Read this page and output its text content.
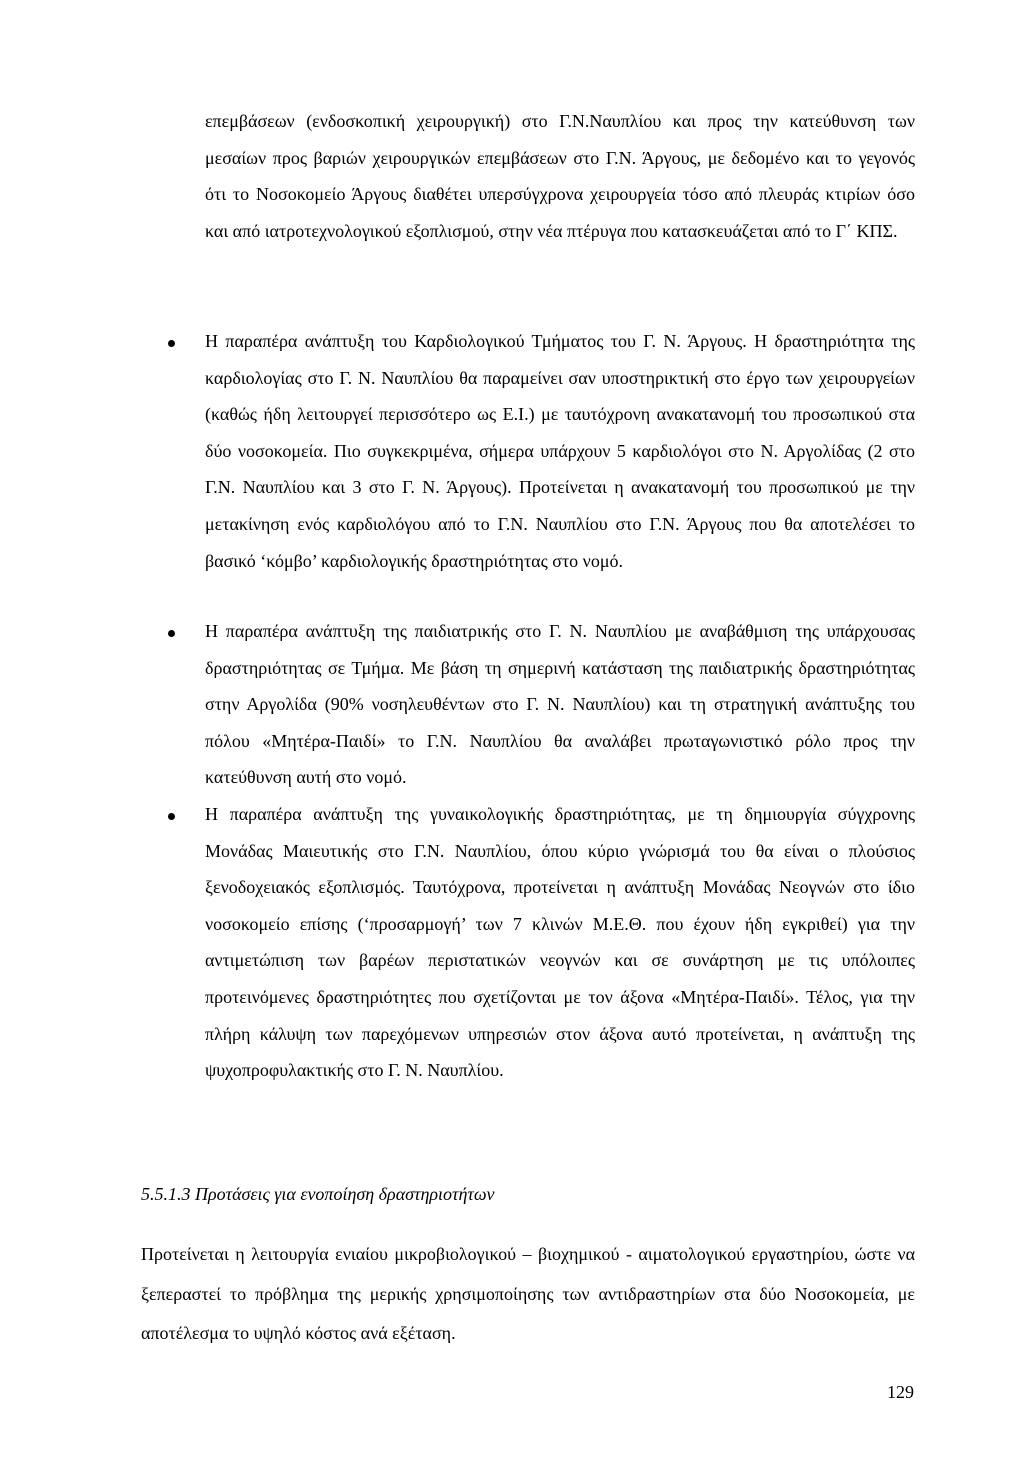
επεμβάσεων (ενδοσκοπική χειρουργική) στο Γ.Ν.Ναυπλίου και προς την κατεύθυνση των μεσαίων προς βαριών χειρουργικών επεμβάσεων στο Γ.Ν. Άργους, με δεδομένο και το γεγονός ότι το Νοσοκομείο Άργους διαθέτει υπερσύγχρονα χειρουργεία τόσο από πλευράς κτιρίων όσο και από ιατροτεχνολογικού εξοπλισμού, στην νέα πτέρυγα που κατασκευάζεται από το Γ΄ ΚΠΣ.

Η παραπέρα ανάπτυξη του Καρδιολογικού Τμήματος του Γ. Ν. Άργους. Η δραστηριότητα της καρδιολογίας στο Γ. Ν. Ναυπλίου θα παραμείνει σαν υποστηρικτική στο έργο των χειρουργείων (καθώς ήδη λειτουργεί περισσότερο ως Ε.Ι.) με ταυτόχρονη ανακατανομή του προσωπικού στα δύο νοσοκομεία. Πιο συγκεκριμένα, σήμερα υπάρχουν 5 καρδιολόγοι στο Ν. Αργολίδας (2 στο Γ.Ν. Ναυπλίου και 3 στο Γ. Ν. Άργους). Προτείνεται η ανακατανομή του προσωπικού με την μετακίνηση ενός καρδιολόγου από το Γ.Ν. Ναυπλίου στο Γ.Ν. Άργους που θα αποτελέσει το βασικό ‘κόμβο’ καρδιολογικής δραστηριότητας στο νομό.

Η παραπέρα ανάπτυξη της παιδιατρικής στο Γ. Ν. Ναυπλίου με αναβάθμιση της υπάρχουσας δραστηριότητας σε Τμήμα. Με βάση τη σημερινή κατάσταση της παιδιατρικής δραστηριότητας στην Αργολίδα (90% νοσηλευθέντων στο Γ. Ν. Ναυπλίου) και τη στρατηγική ανάπτυξης του πόλου «Μητέρα-Παιδί» το Γ.Ν. Ναυπλίου θα αναλάβει πρωταγωνιστικό ρόλο προς την κατεύθυνση αυτή στο νομό.

Η παραπέρα ανάπτυξη της γυναικολογικής δραστηριότητας, με τη δημιουργία σύγχρονης Μονάδας Μαιευτικής στο Γ.Ν. Ναυπλίου, όπου κύριο γνώρισμά του θα είναι ο πλούσιος ξενοδοχειακός εξοπλισμός. Ταυτόχρονα, προτείνεται η ανάπτυξη Μονάδας Νεογνών στο ίδιο νοσοκομείο επίσης (‘προσαρμογή’ των 7 κλινών Μ.Ε.Θ. που έχουν ήδη εγκριθεί) για την αντιμετώπιση των βαρέων περιστατικών νεογνών και σε συνάρτηση με τις υπόλοιπες προτεινόμενες δραστηριότητες που σχετίζονται με τον άξονα «Μητέρα-Παιδί». Τέλος, για την πλήρη κάλυψη των παρεχόμενων υπηρεσιών στον άξονα αυτό προτείνεται, η ανάπτυξη της ψυχοπροφυλακτικής στο Γ. Ν. Ναυπλίου.

5.5.1.3 Προτάσεις για ενοποίηση δραστηριοτήτων

Προτείνεται η λειτουργία ενιαίου μικροβιολογικού – βιοχημικού - αιματολογικού εργαστηρίου, ώστε να ξεπεραστεί το πρόβλημα της μερικής χρησιμοποίησης των αντιδραστηρίων στα δύο Νοσοκομεία, με αποτέλεσμα το υψηλό κόστος ανά εξέταση.

129
